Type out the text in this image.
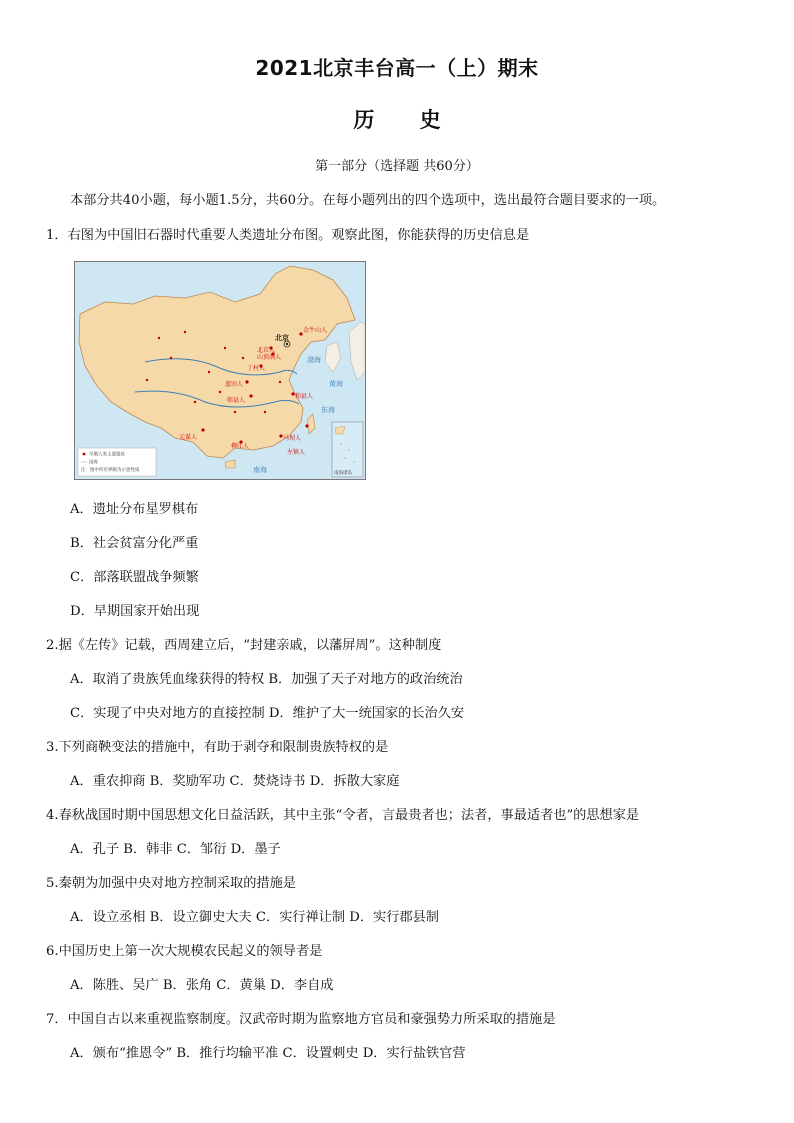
2021北京丰台高一（上）期末
历 史
第一部分（选择题 共60分）
本部分共40小题，每小题1.5分，共60分。在每小题列出的四个选项中，选出最符合题目要求的一项。
1．右图为中国旧石器时代重要人类遗址分布图。观察此图，你能获得的历史信息是
北京
金牛山人
北京人
山顶洞人
丁村人
蓝田人
郧县人
和县人
元谋人	马坝人
柳江人
左镇人
渤海
黄海
东海
南海
早期人类主要遗址
国界
注：图中所有界限为示意性质
南海诸岛
A．遗址分布星罗棋布
B．社会贫富分化严重
C．部落联盟战争频繁
D．早期国家开始出现
2.据《左传》记载，西周建立后，“封建亲戚，以藩屏周”。这种制度
A．取消了贵族凭血缘获得的特权 B．加强了天子对地方的政治统治
C．实现了中央对地方的直接控制 D．维护了大一统国家的长治久安
3.下列商鞅变法的措施中，有助于剥夺和限制贵族特权的是
A．重农抑商 B．奖励军功 C．焚烧诗书 D．拆散大家庭
4.春秋战国时期中国思想文化日益活跃，其中主张“令者，言最贵者也；法者，事最适者也”的思想家是
A．孔子 B．韩非 C．邹衍 D．墨子
5.秦朝为加强中央对地方控制采取的措施是
A．设立丞相 B．设立御史大夫 C．实行禅让制 D．实行郡县制
6.中国历史上第一次大规模农民起义的领导者是
A．陈胜、吴广 B．张角 C．黄巢 D．李自成
7．中国自古以来重视监察制度。汉武帝时期为监察地方官员和豪强势力所采取的措施是
A．颁布“推恩令” B．推行均输平准 C．设置刺史 D．实行盐铁官营
